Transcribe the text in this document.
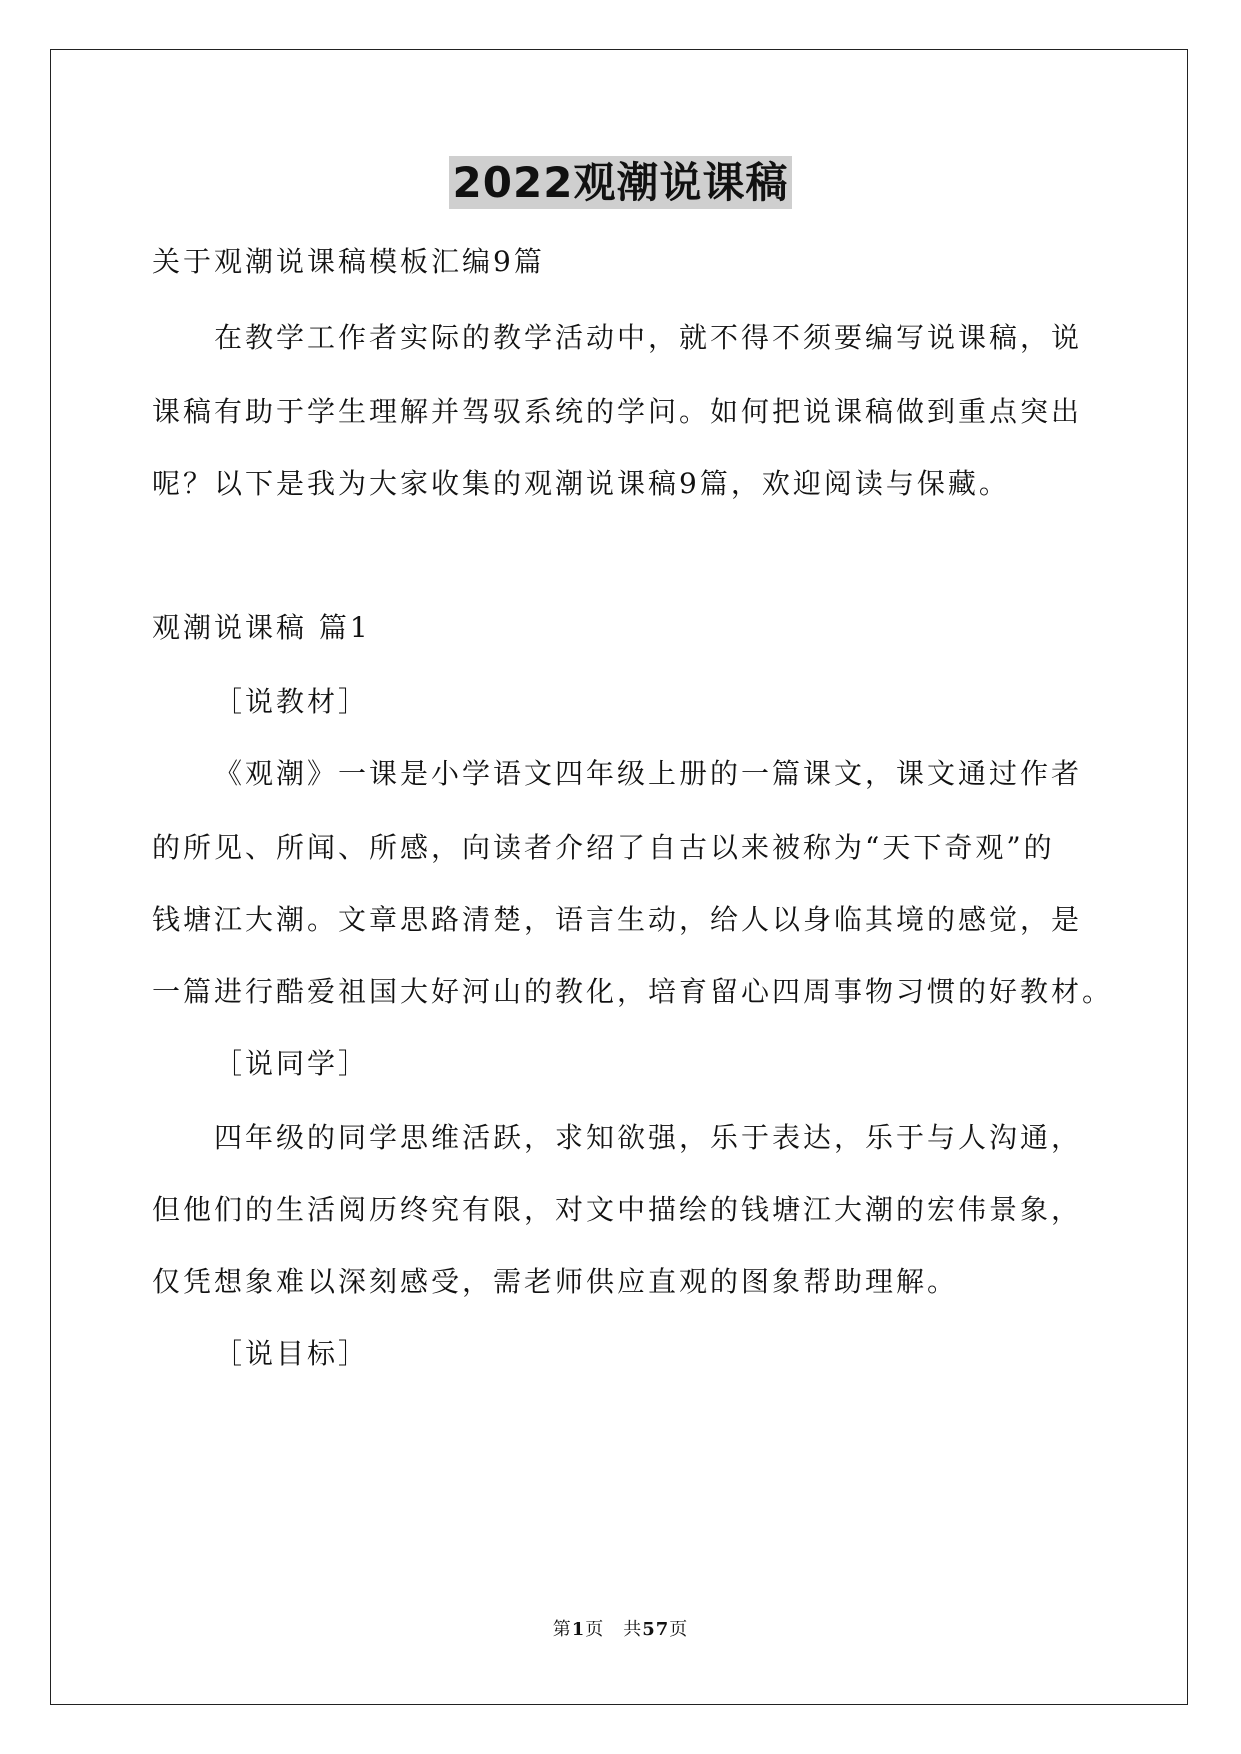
2022观潮说课稿
关于观潮说课稿模板汇编9篇
在教学工作者实际的教学活动中，就不得不须要编写说课稿，说
课稿有助于学生理解并驾驭系统的学问。如何把说课稿做到重点突出
呢？以下是我为大家收集的观潮说课稿9篇，欢迎阅读与保藏。
观潮说课稿 篇1
［说教材］
《观潮》一课是小学语文四年级上册的一篇课文，课文通过作者
的所见、所闻、所感，向读者介绍了自古以来被称为“天下奇观”的
钱塘江大潮。文章思路清楚，语言生动，给人以身临其境的感觉，是
一篇进行酷爱祖国大好河山的教化，培育留心四周事物习惯的好教材。
［说同学］
四年级的同学思维活跃，求知欲强，乐于表达，乐于与人沟通，
但他们的生活阅历终究有限，对文中描绘的钱塘江大潮的宏伟景象，
仅凭想象难以深刻感受，需老师供应直观的图象帮助理解。
［说目标］
第1页　共57页
